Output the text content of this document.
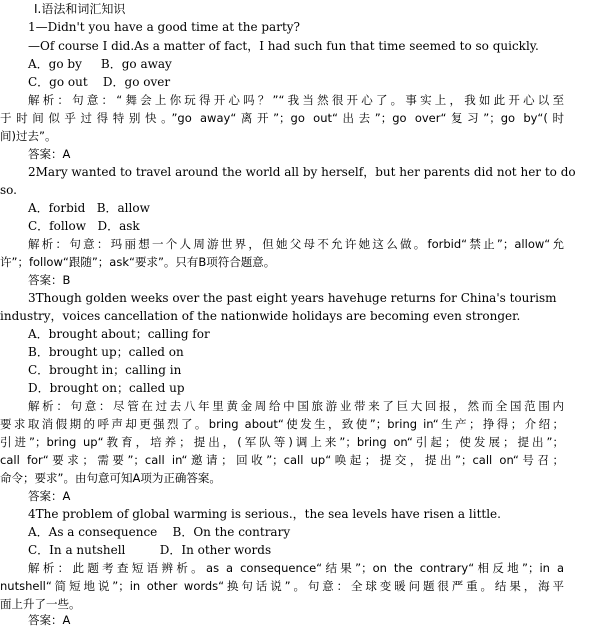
Ⅰ.语法和词汇知识
1—Didn't you have a good time at the party?
—Of course I did.As a matter of fact，I had such fun that time seemed to so quickly.
A．go by     B．go away
C．go out    D．go over
解析：句意：“舞会上你玩得开心吗？”“我当然很开心了。事实上，我如此开心以至
于时间似乎过得特别快。”go away“离开”；go out“出去”；go over“复习”；go by“(时
间)过去”。
答案：A
2Mary wanted to travel around the world all by herself，but her parents did not her to do
so.
A．forbid   B．allow
C．follow   D．ask
解析：句意：玛丽想一个人周游世界，但她父母不允许她这么做。forbid“禁止”；allow“允
许”；follow“跟随”；ask“要求”。只有B项符合题意。
答案：B
3Though golden weeks over the past eight years havehuge returns for China's tourism
industry，voices cancellation of the nationwide holidays are becoming even stronger.
A．brought about；calling for
B．brought up；called on
C．brought in；calling in
D．brought on；called up
解析：句意：尽管在过去八年里黄金周给中国旅游业带来了巨大回报，然而全国范围内
要求取消假期的呼声却更强烈了。bring about“使发生，致使”；bring in“生产；挣得；介绍；
引进”；bring up“教育，培养；提出，(军队等)调上来”；bring on“引起；使发展；提出”；
call for“要求；需要”；call in“邀请；回收”；call up“唤起；提交，提出”；call on“号召；
命令；要求”。由句意可知A项为正确答案。
答案：A
4The problem of global warming is serious.，the sea levels have risen a little.
A．As a consequence    B．On the contrary
C．In a nutshell         D．In other words
解析：此题考查短语辨析。as a consequence“结果”；on the contrary“相反地”；in a
nutshell“简短地说”；in other words“换句话说”。句意：全球变暖问题很严重。结果，海平
面上升了一些。
答案：A
